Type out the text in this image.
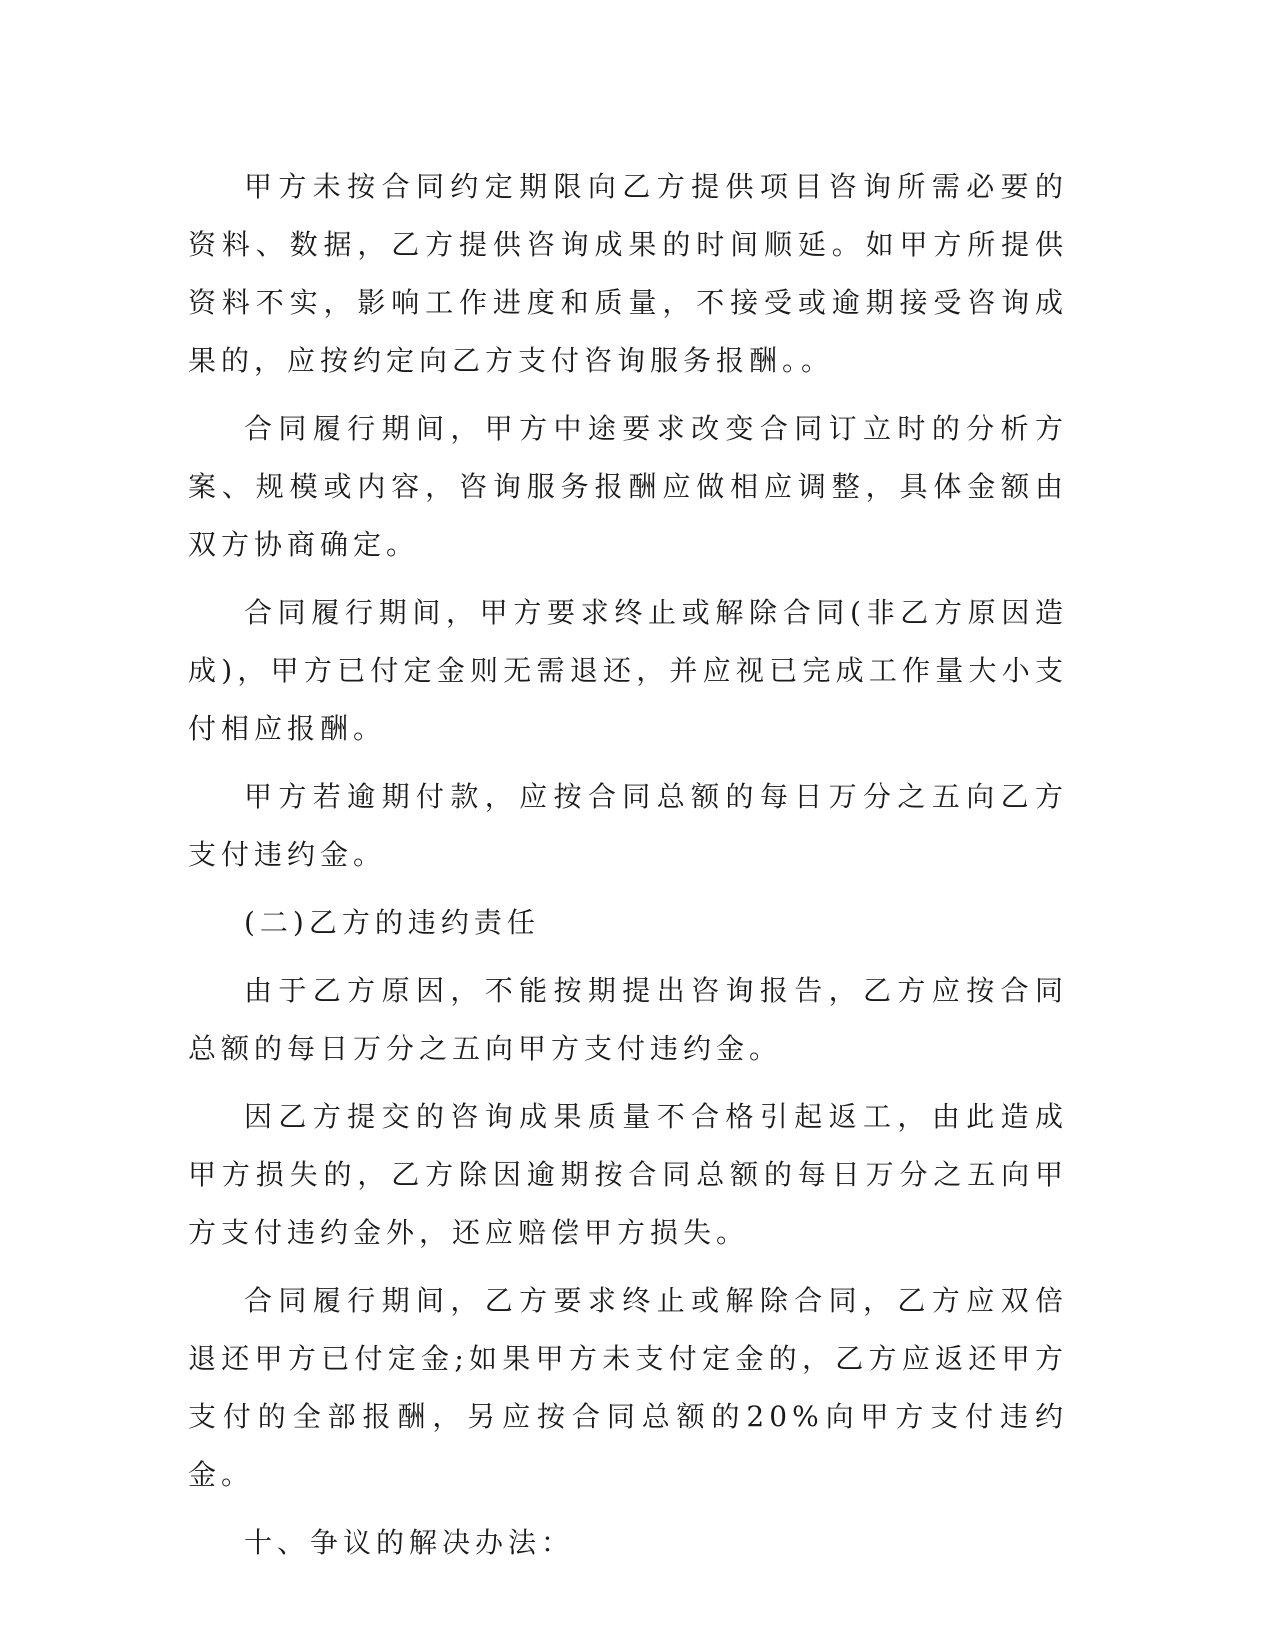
甲方未按合同约定期限向乙方提供项目咨询所需必要的资料、数据，乙方提供咨询成果的时间顺延。如甲方所提供资料不实，影响工作进度和质量，不接受或逾期接受咨询成果的，应按约定向乙方支付咨询服务报酬。。

合同履行期间，甲方中途要求改变合同订立时的分析方案、规模或内容，咨询服务报酬应做相应调整，具体金额由双方协商确定。

合同履行期间，甲方要求终止或解除合同(非乙方原因造成)，甲方已付定金则无需退还，并应视已完成工作量大小支付相应报酬。

甲方若逾期付款，应按合同总额的每日万分之五向乙方支付违约金。

(二)乙方的违约责任

由于乙方原因，不能按期提出咨询报告，乙方应按合同总额的每日万分之五向甲方支付违约金。

因乙方提交的咨询成果质量不合格引起返工，由此造成甲方损失的，乙方除因逾期按合同总额的每日万分之五向甲方支付违约金外，还应赔偿甲方损失。

合同履行期间，乙方要求终止或解除合同，乙方应双倍退还甲方已付定金;如果甲方未支付定金的，乙方应返还甲方支付的全部报酬，另应按合同总额的20%向甲方支付违约金。

十、争议的解决办法：
